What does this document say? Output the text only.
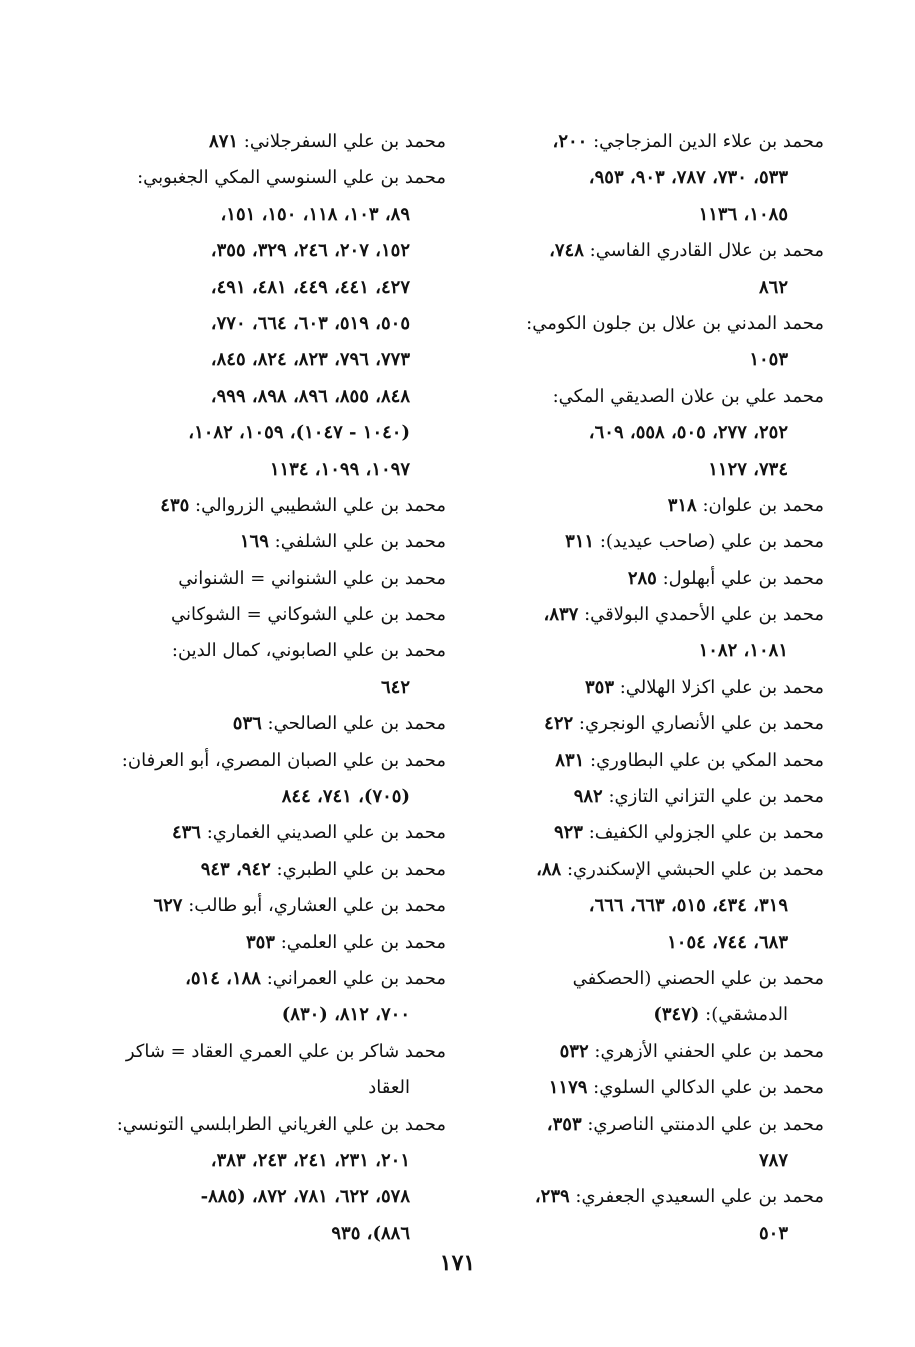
محمد بن علاء الدين المزجاجي: ٢٠٠،
٥٣٣، ٧٣٠، ٧٨٧، ٩٠٣، ٩٥٣،
١٠٨٥، ١١٣٦
محمد بن علال القادري الفاسي: ٧٤٨،
٨٦٢
محمد المدني بن علال بن جلون الكومي:
١٠٥٣
محمد علي بن علان الصديقي المكي:
٢٥٢، ٢٧٧، ٥٠٥، ٥٥٨، ٦٠٩،
٧٣٤، ١١٢٧
محمد بن علوان: ٣١٨
محمد بن علي (صاحب عيديد): ٣١١
محمد بن علي أبهلول: ٢٨٥
محمد بن علي الأحمدي البولاقي: ٨٣٧،
١٠٨١، ١٠٨٢
محمد بن علي اكزلا الهلالي: ٣٥٣
محمد بن علي الأنصاري الونجري: ٤٢٢
محمد المكي بن علي البطاوري: ٨٣١
محمد بن علي التزاني التازي: ٩٨٢
محمد بن علي الجزولي الكفيف: ٩٢٣
محمد بن علي الحبشي الإسكندري: ٨٨،
٣١٩، ٤٣٤، ٥١٥، ٦٦٣، ٦٦٦،
٦٨٣، ٧٤٤، ١٠٥٤
محمد بن علي الحصني (الحصكفي
الدمشقي): (٣٤٧)
محمد بن علي الحفني الأزهري: ٥٣٢
محمد بن علي الدكالي السلوي: ١١٧٩
محمد بن علي الدمنتي الناصري: ٣٥٣،
٧٨٧
محمد بن علي السعيدي الجعفري: ٢٣٩،
٥٠٣
محمد بن علي السفرجلاني: ٨٧١
محمد بن علي السنوسي المكي الجغبوبي:
٨٩، ١٠٣، ١١٨، ١٥٠، ١٥١،
١٥٢، ٢٠٧، ٢٤٦، ٣٢٩، ٣٥٥،
٤٢٧، ٤٤١، ٤٤٩، ٤٨١، ٤٩١،
٥٠٥، ٥١٩، ٦٠٣، ٦٦٤، ٧٧٠،
٧٧٣، ٧٩٦، ٨٢٣، ٨٢٤، ٨٤٥،
٨٤٨، ٨٥٥، ٨٩٦، ٨٩٨، ٩٩٩،
(١٠٤٠ - ١٠٤٧)، ١٠٥٩، ١٠٨٢،
١٠٩٧، ١٠٩٩، ١١٣٤
محمد بن علي الشطيبي الزروالي: ٤٣٥
محمد بن علي الشلفي: ١٦٩
محمد بن علي الشنواني = الشنواني
محمد بن علي الشوكاني = الشوكاني
محمد بن علي الصابوني، كمال الدين:
٦٤٢
محمد بن علي الصالحي: ٥٣٦
محمد بن علي الصبان المصري، أبو العرفان:
(٧٠٥)، ٧٤١، ٨٤٤
محمد بن علي الصديني الغماري: ٤٣٦
محمد بن علي الطبري: ٩٤٢، ٩٤٣
محمد بن علي العشاري، أبو طالب: ٦٢٧
محمد بن علي العلمي: ٣٥٣
محمد بن علي العمراني: ١٨٨، ٥١٤،
٧٠٠، ٨١٢، (٨٣٠)
محمد شاكر بن علي العمري العقاد = شاكر
العقاد
محمد بن علي الغرياني الطرابلسي التونسي:
٢٠١، ٢٣١، ٢٤١، ٢٤٣، ٣٨٣،
٥٧٨، ٦٢٢، ٧٨١، ٨٧٢، (٨٨٥-
٨٨٦)، ٩٣٥
١٧١
